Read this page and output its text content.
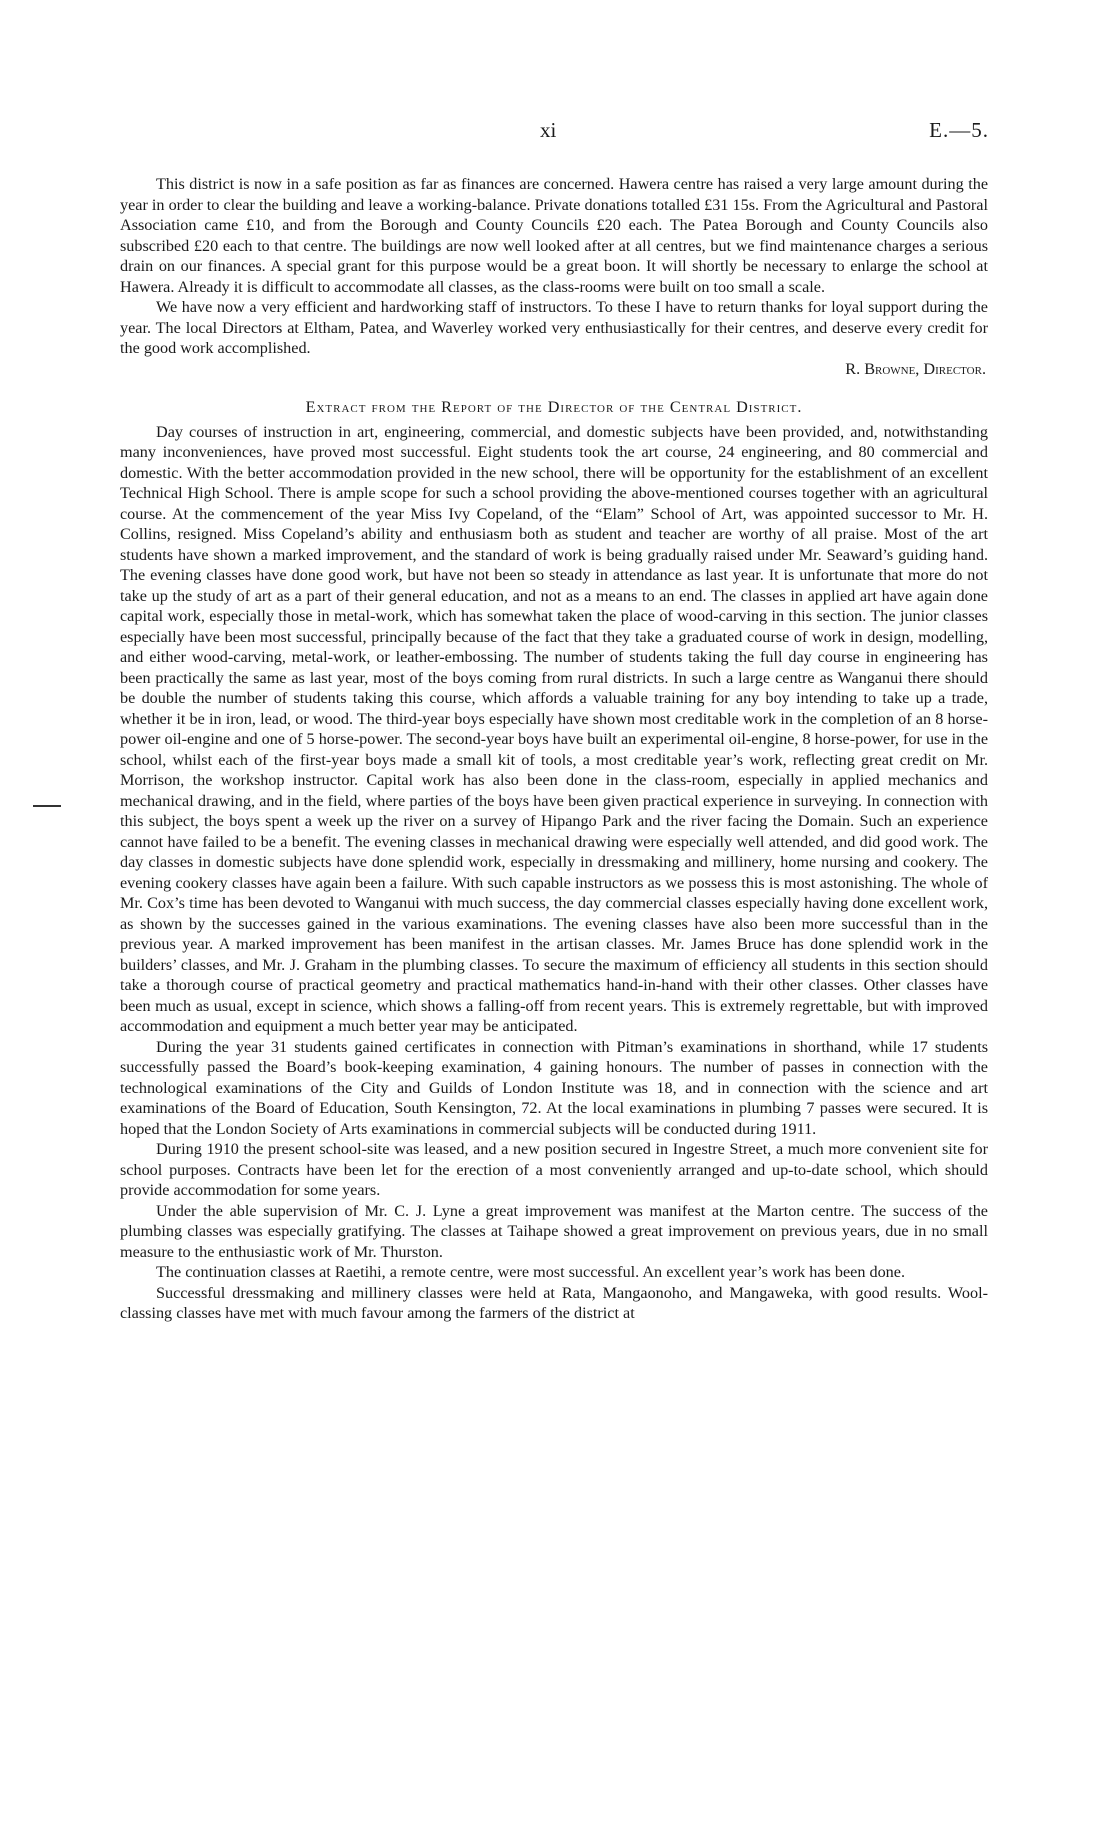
xi	E.—5.

This district is now in a safe position as far as finances are concerned. Hawera centre has raised a very large amount during the year in order to clear the building and leave a working-balance. Private donations totalled £31 15s. From the Agricultural and Pastoral Association came £10, and from the Borough and County Councils £20 each. The Patea Borough and County Councils also subscribed £20 each to that centre. The buildings are now well looked after at all centres, but we find maintenance charges a serious drain on our finances. A special grant for this purpose would be a great boon. It will shortly be necessary to enlarge the school at Hawera. Already it is difficult to accommodate all classes, as the class-rooms were built on too small a scale.

We have now a very efficient and hardworking staff of instructors. To these I have to return thanks for loyal support during the year. The local Directors at Eltham, Patea, and Waverley worked very enthusiastically for their centres, and deserve every credit for the good work accomplished.

R. Browne, Director.

Extract from the Report of the Director of the Central District.

Day courses of instruction in art, engineering, commercial, and domestic subjects have been provided, and, notwithstanding many inconveniences, have proved most successful. Eight students took the art course, 24 engineering, and 80 commercial and domestic. With the better accommodation provided in the new school, there will be opportunity for the establishment of an excellent Technical High School. There is ample scope for such a school providing the above-mentioned courses together with an agricultural course. At the commencement of the year Miss Ivy Copeland, of the “Elam” School of Art, was appointed successor to Mr. H. Collins, resigned. Miss Copeland’s ability and enthusiasm both as student and teacher are worthy of all praise. Most of the art students have shown a marked improvement, and the standard of work is being gradually raised under Mr. Seaward’s guiding hand. The evening classes have done good work, but have not been so steady in attendance as last year. It is unfortunate that more do not take up the study of art as a part of their general education, and not as a means to an end. The classes in applied art have again done capital work, especially those in metal-work, which has somewhat taken the place of wood-carving in this section. The junior classes especially have been most successful, principally because of the fact that they take a graduated course of work in design, modelling, and either wood-carving, metal-work, or leather-embossing. The number of students taking the full day course in engineering has been practically the same as last year, most of the boys coming from rural districts. In such a large centre as Wanganui there should be double the number of students taking this course, which affords a valuable training for any boy intending to take up a trade, whether it be in iron, lead, or wood. The third-year boys especially have shown most creditable work in the completion of an 8 horse-power oil-engine and one of 5 horse-power. The second-year boys have built an experimental oil-engine, 8 horse-power, for use in the school, whilst each of the first-year boys made a small kit of tools, a most creditable year’s work, reflecting great credit on Mr. Morrison, the workshop instructor. Capital work has also been done in the class-room, especially in applied mechanics and mechanical drawing, and in the field, where parties of the boys have been given practical experience in surveying. In connection with this subject, the boys spent a week up the river on a survey of Hipango Park and the river facing the Domain. Such an experience cannot have failed to be a benefit. The evening classes in mechanical drawing were especially well attended, and did good work. The day classes in domestic subjects have done splendid work, especially in dressmaking and millinery, home nursing and cookery. The evening cookery classes have again been a failure. With such capable instructors as we possess this is most astonishing. The whole of Mr. Cox’s time has been devoted to Wanganui with much success, the day commercial classes especially having done excellent work, as shown by the successes gained in the various examinations. The evening classes have also been more successful than in the previous year. A marked improvement has been manifest in the artisan classes. Mr. James Bruce has done splendid work in the builders’ classes, and Mr. J. Graham in the plumbing classes. To secure the maximum of efficiency all students in this section should take a thorough course of practical geometry and practical mathematics hand-in-hand with their other classes. Other classes have been much as usual, except in science, which shows a falling-off from recent years. This is extremely regrettable, but with improved accommodation and equipment a much better year may be anticipated.

During the year 31 students gained certificates in connection with Pitman’s examinations in shorthand, while 17 students successfully passed the Board’s book-keeping examination, 4 gaining honours. The number of passes in connection with the technological examinations of the City and Guilds of London Institute was 18, and in connection with the science and art examinations of the Board of Education, South Kensington, 72. At the local examinations in plumbing 7 passes were secured. It is hoped that the London Society of Arts examinations in commercial subjects will be conducted during 1911.

During 1910 the present school-site was leased, and a new position secured in Ingestre Street, a much more convenient site for school purposes. Contracts have been let for the erection of a most conveniently arranged and up-to-date school, which should provide accommodation for some years.

Under the able supervision of Mr. C. J. Lyne a great improvement was manifest at the Marton centre. The success of the plumbing classes was especially gratifying. The classes at Taihape showed a great improvement on previous years, due in no small measure to the enthusiastic work of Mr. Thurston.

The continuation classes at Raetihi, a remote centre, were most successful. An excellent year’s work has been done.

Successful dressmaking and millinery classes were held at Rata, Mangaonoho, and Mangaweka, with good results. Wool-classing classes have met with much favour among the farmers of the district at
